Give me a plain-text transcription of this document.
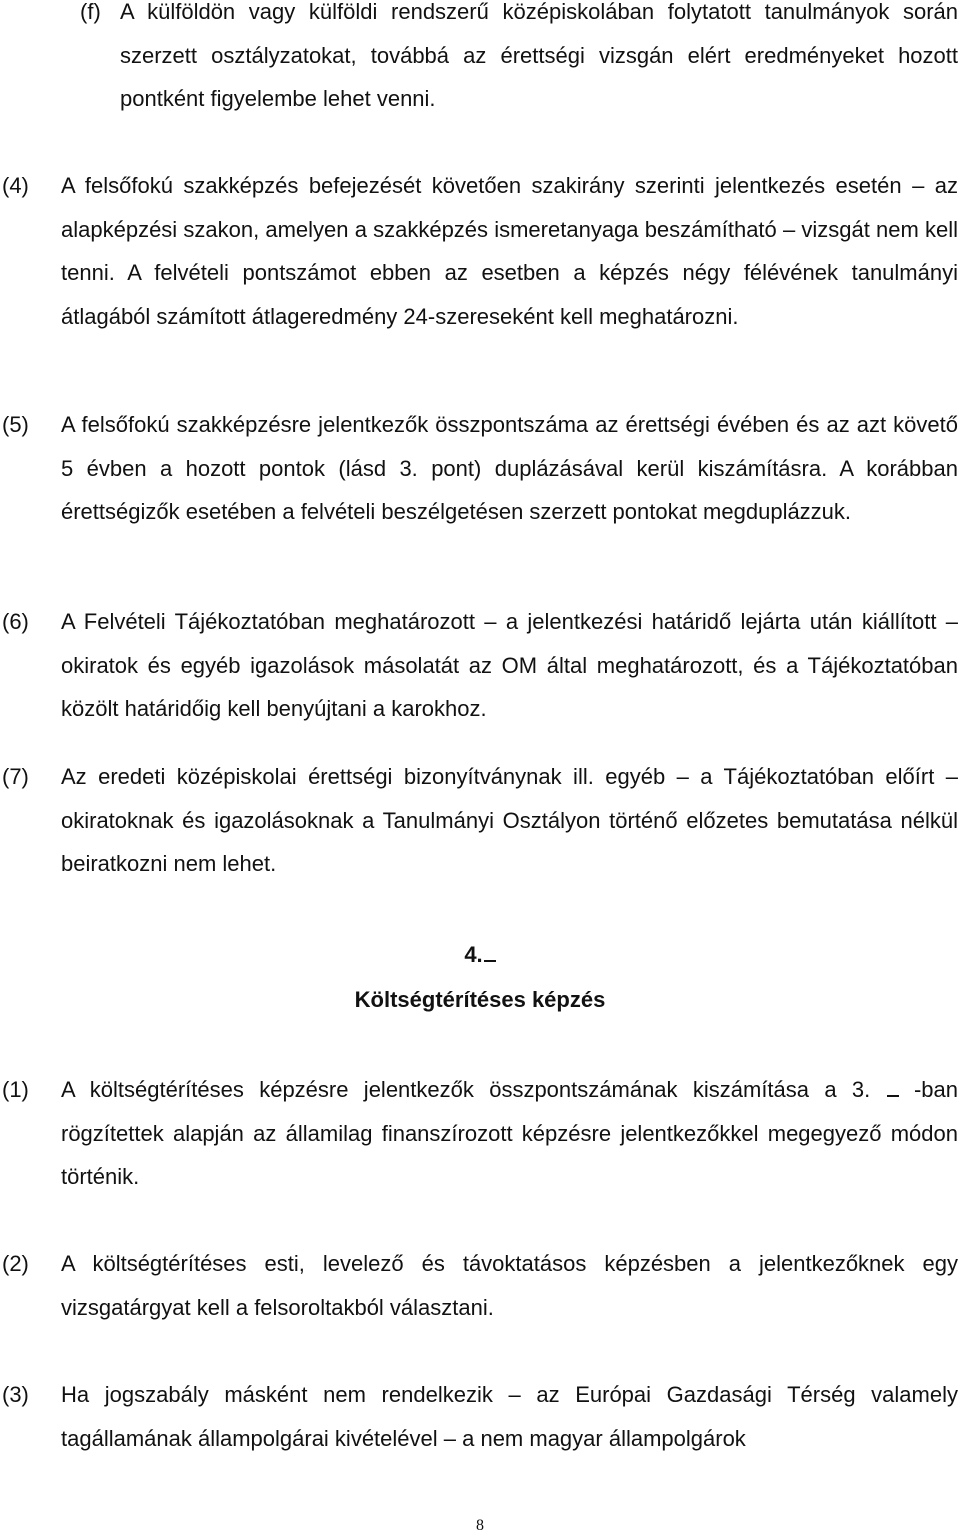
(f) A külföldön vagy külföldi rendszerű középiskolában folytatott tanulmányok során szerzett osztályzatokat, továbbá az érettségi vizsgán elért eredményeket hozott pontként figyelembe lehet venni.
(4) A felsőfokú szakképzés befejezését követően szakirány szerinti jelentkezés esetén – az alapképzési szakon, amelyen a szakképzés ismeretanyaga beszámítható – vizsgát nem kell tenni. A felvételi pontszámot ebben az esetben a képzés négy félévének tanulmányi átlagából számított átlageredmény 24-szereseként kell meghatározni.
(5) A felsőfokú szakképzésre jelentkezők összpontszáma az érettségi évében és az azt követő 5 évben a hozott pontok (lásd 3. pont) duplázásával kerül kiszámításra. A korábban érettségizők esetében a felvételi beszélgetésen szerzett pontokat megduplázzuk.
(6) A Felvételi Tájékoztatóban meghatározott – a jelentkezési határidő lejárta után kiállított – okiratok és egyéb igazolások másolatát az OM által meghatározott, és a Tájékoztatóban közölt határidőig kell benyújtani a karokhoz.
(7) Az eredeti középiskolai érettségi bizonyítványnak ill. egyéb – a Tájékoztatóban előírt – okiratoknak és igazolásoknak a Tanulmányi Osztályon történő előzetes bemutatása nélkül beiratkozni nem lehet.
4.
Költségtérítéses képzés
(1) A költségtérítéses képzésre jelentkezők összpontszámának kiszámítása a 3.  -ban rögzítettek alapján az államilag finanszírozott képzésre jelentkezőkkel megegyező módon történik.
(2) A költségtérítéses esti, levelező és távoktatásos képzésben a jelentkezőknek egy vizsgatárgyat kell a felsoroltakból választani.
(3) Ha jogszabály másként nem rendelkezik – az Európai Gazdasági Térség valamely tagállamának állampolgárai kivételével – a nem magyar állampolgárok
8
